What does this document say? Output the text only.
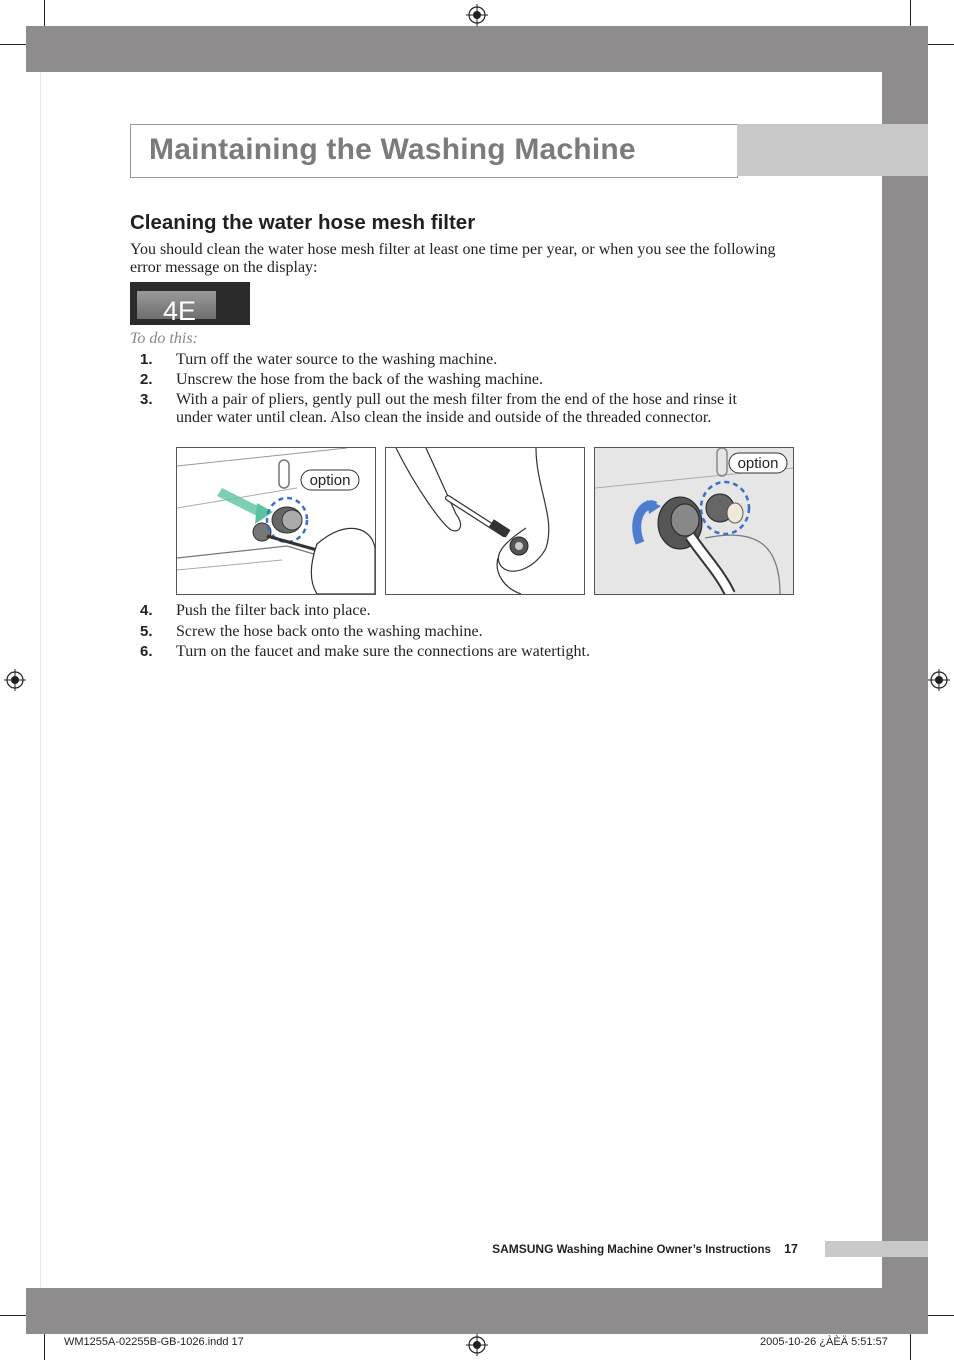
Maintaining the Washing Machine
Cleaning the water hose mesh filter
You should clean the water hose mesh filter at least one time per year, or when you see the following error message on the display:
4E
To do this:
1.	Turn off the water source to the washing machine.
2.	Unscrew the hose from the back of the washing machine.
3.	With a pair of pliers, gently pull out the mesh filter from the end of the hose and rinse it under water until clean. Also clean the inside and outside of the threaded connector.
option
option
4.	Push the filter back into place.
5.	Screw the hose back onto the washing machine.
6.	Turn on the faucet and make sure the connections are watertight.
SAMSUNG Washing Machine Owner’s Instructions 17
WM1255A-02255B-GB-1026.indd 17	2005-10-26 ¿ÀÈÄ 5:51:57
